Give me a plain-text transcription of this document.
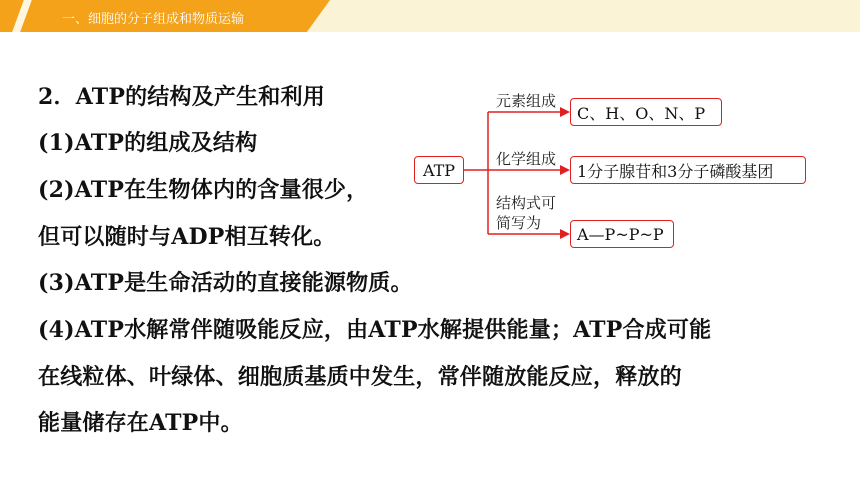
一、细胞的分子组成和物质运输
2．ATP的结构及产生和利用
(1)ATP的组成及结构
(2)ATP在生物体内的含量很少，
但可以随时与ADP相互转化。
(3)ATP是生命活动的直接能源物质。
(4)ATP水解常伴随吸能反应，由ATP水解提供能量；ATP合成可能
在线粒体、叶绿体、细胞质基质中发生，常伴随放能反应，释放的
能量储存在ATP中。
ATP
元素组成
C、H、O、N、P
化学组成
1分子腺苷和3分子磷酸基团
结构式可
简写为
A—P~P~P
